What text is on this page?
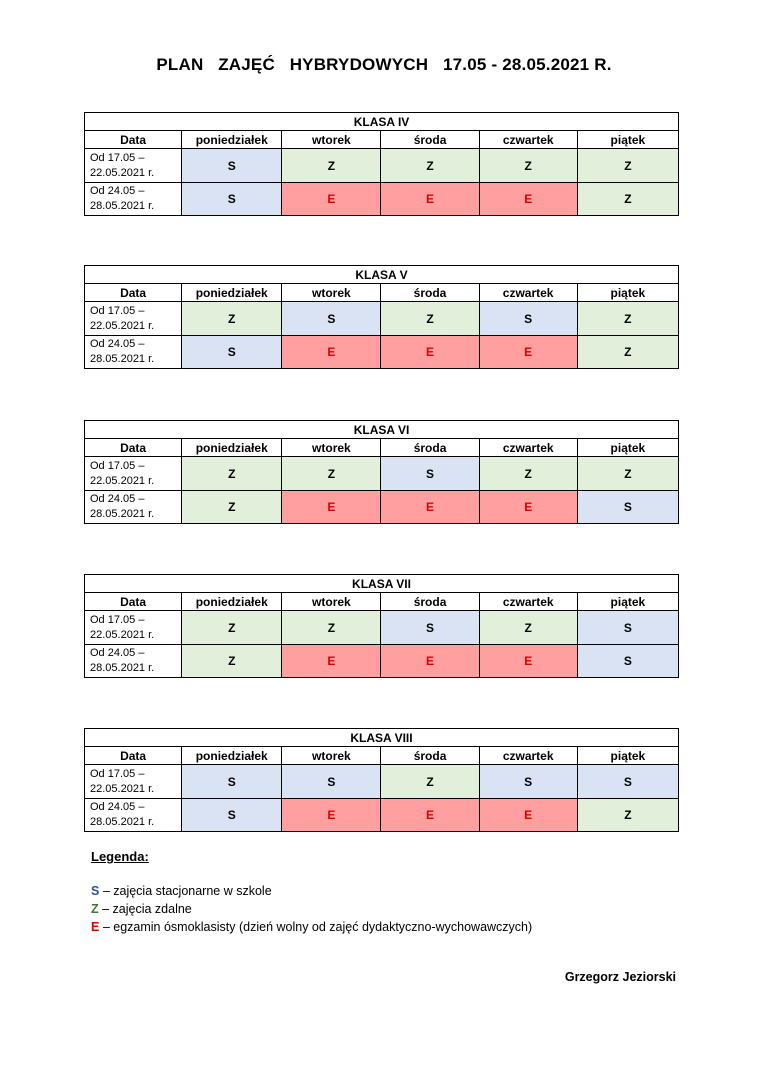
PLAN   ZAJĘĆ   HYBRYDOWYCH   17.05 - 28.05.2021 R.
KLASA IV					
Data	poniedziałek	wtorek	środa	czwartek	piątek

Od 17.05 –
22.05.2021 r.	S	Z	Z	Z	Z

Od 24.05 –
28.05.2021 r.	S	E	E	E	Z
KLASA V					
Data	poniedziałek	wtorek	środa	czwartek	piątek

Od 17.05 –
22.05.2021 r.	Z	S	Z	S	Z

Od 24.05 –
28.05.2021 r.	S	E	E	E	Z
KLASA VI					
Data	poniedziałek	wtorek	środa	czwartek	piątek

Od 17.05 –
22.05.2021 r.	Z	Z	S	Z	Z

Od 24.05 –
28.05.2021 r.	Z	E	E	E	S
KLASA VII					
Data	poniedziałek	wtorek	środa	czwartek	piątek

Od 17.05 –
22.05.2021 r.	Z	Z	S	Z	S

Od 24.05 –
28.05.2021 r.	Z	E	E	E	S
KLASA VIII					
Data	poniedziałek	wtorek	środa	czwartek	piątek

Od 17.05 –
22.05.2021 r.	S	S	Z	S	S

Od 24.05 –
28.05.2021 r.	S	E	E	E	Z
Legenda:
S – zajęcia stacjonarne w szkole
Z – zajęcia zdalne
E – egzamin ósmoklasisty (dzień wolny od zajęć dydaktyczno-wychowawczych)
Grzegorz Jeziorski
